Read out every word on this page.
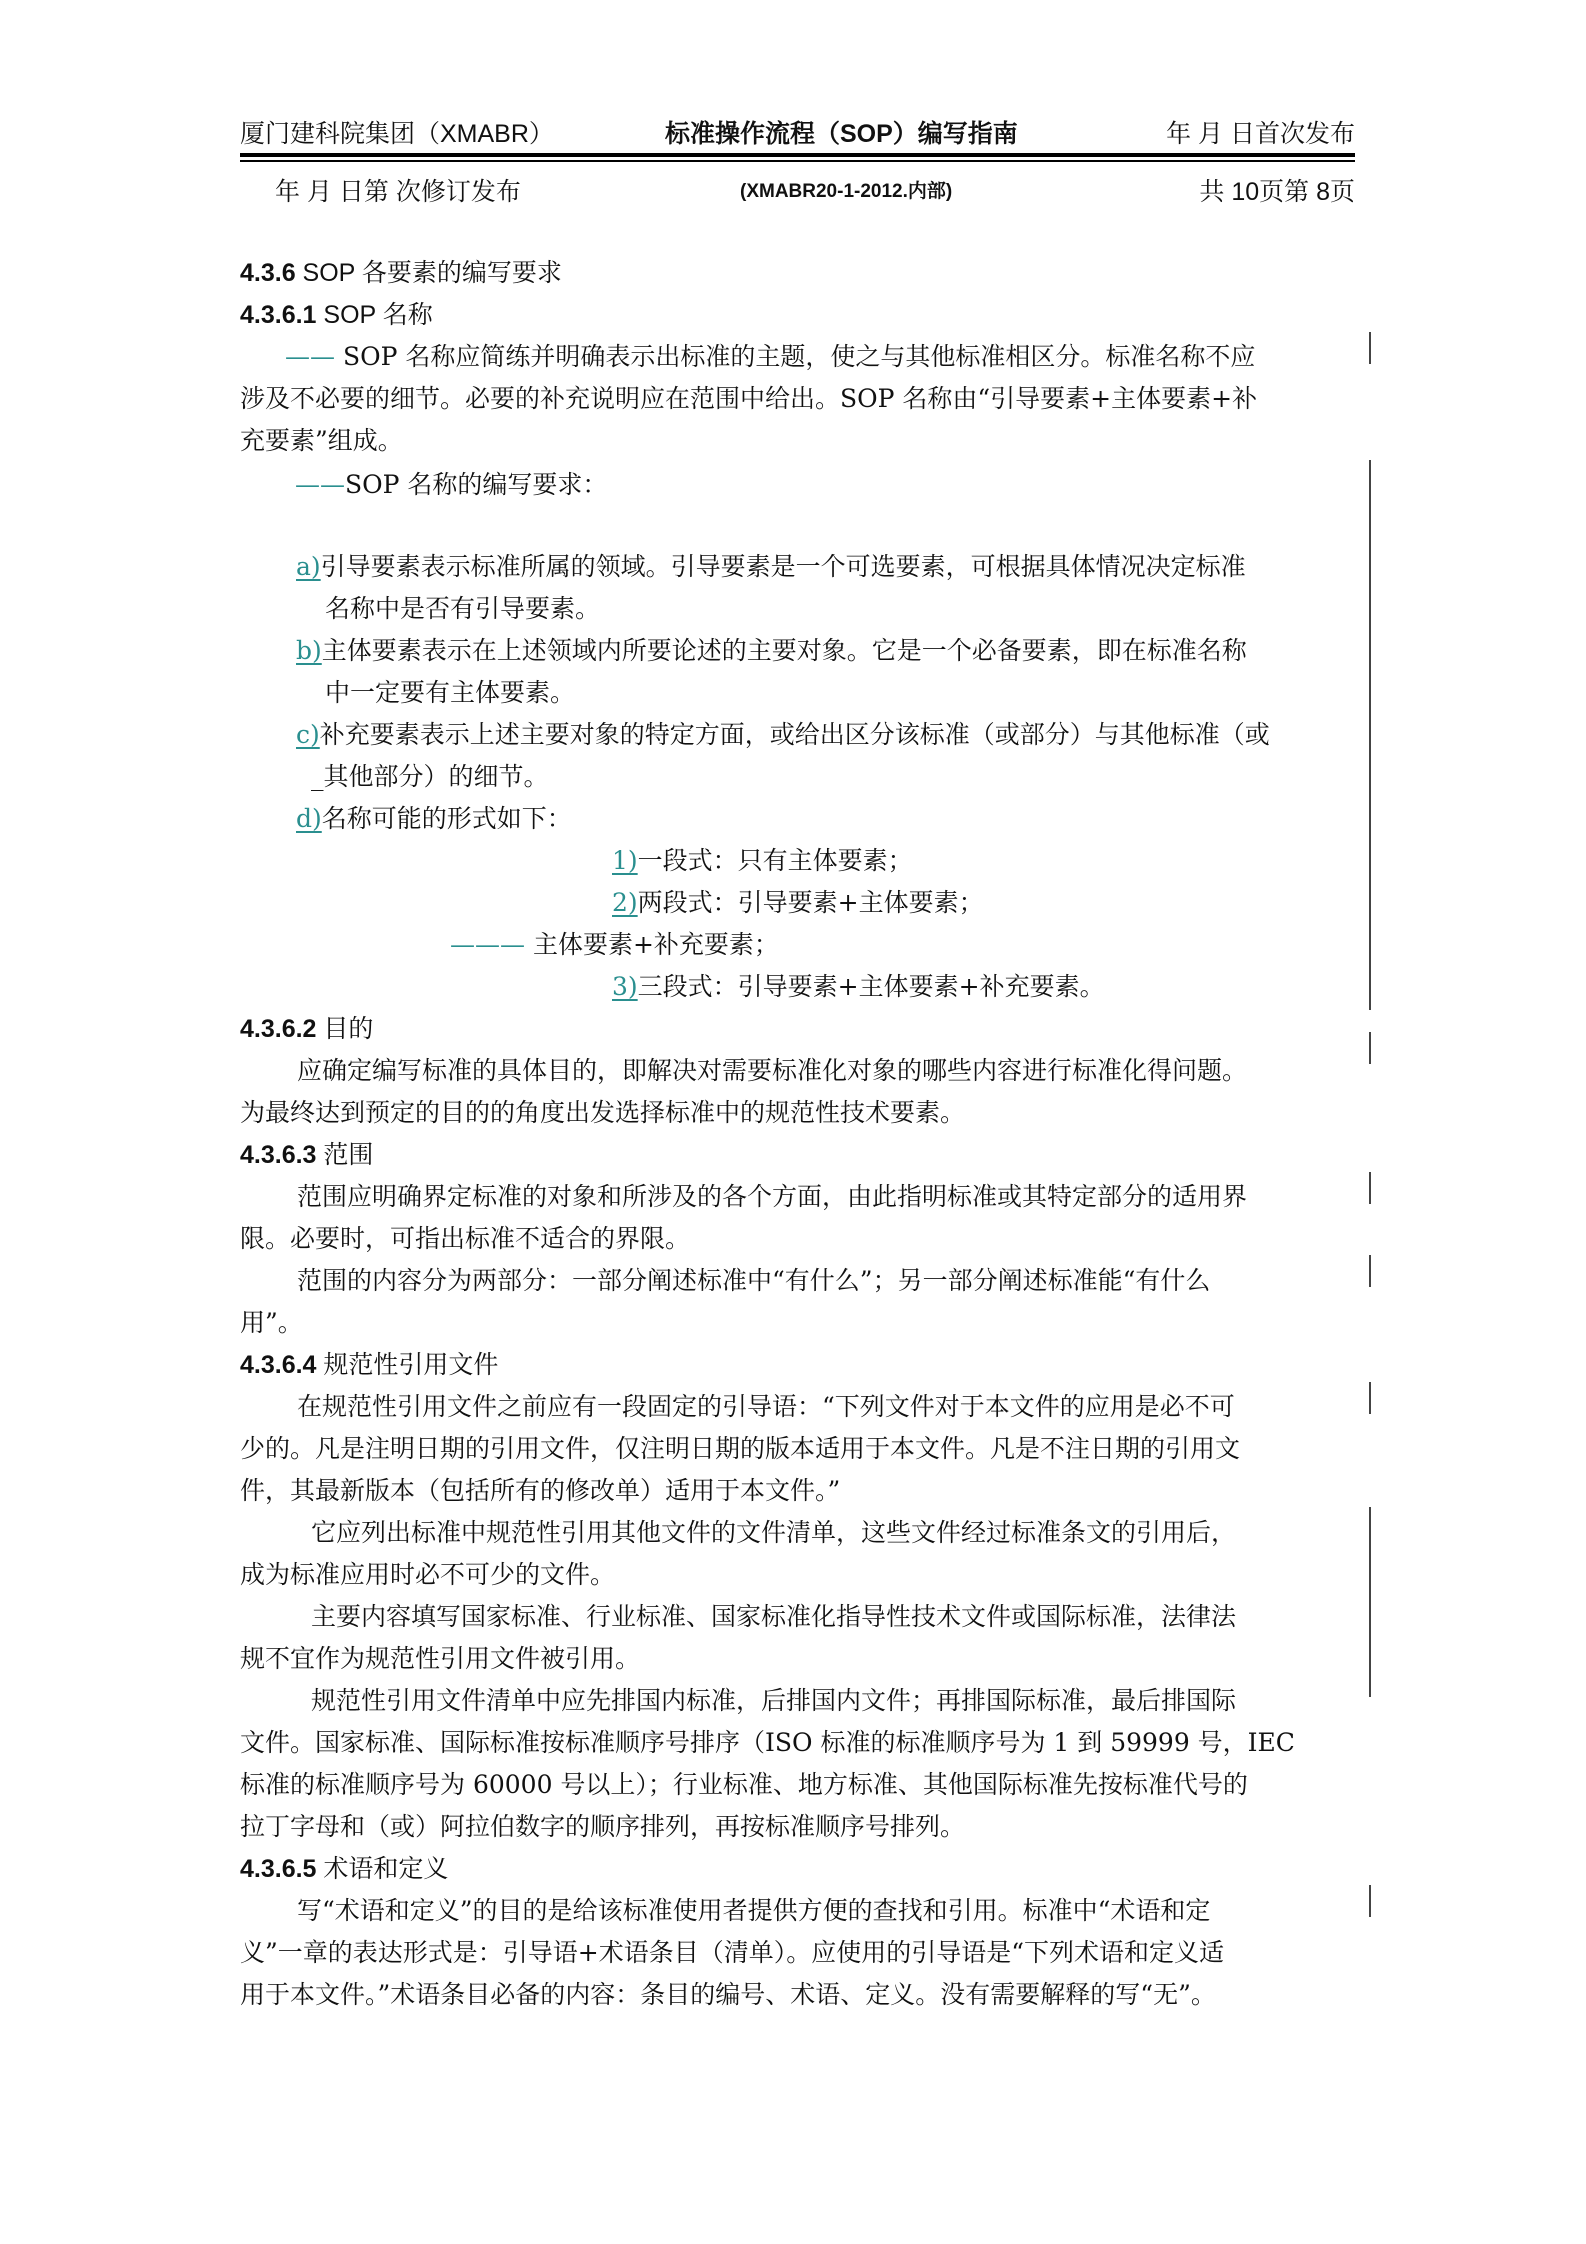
厦门建科院集团（XMABR）	标准操作流程（SOP）编写指南	年 月 日首次发布
年 月 日第 次修订发布	(XMABR20-1-2012.内部)	共 10页第 8页
4.3.6 SOP 各要素的编写要求
4.3.6.1 SOP 名称
—— SOP 名称应简练并明确表示出标准的主题，使之与其他标准相区分。标准名称不应
涉及不必要的细节。必要的补充说明应在范围中给出。SOP 名称由“引导要素+主体要素+补
充要素”组成。
——SOP 名称的编写要求：
a)引导要素表示标准所属的领域。引导要素是一个可选要素，可根据具体情况决定标准
名称中是否有引导要素。
b)主体要素表示在上述领域内所要论述的主要对象。它是一个必备要素，即在标准名称
中一定要有主体要素。
c)补充要素表示上述主要对象的特定方面，或给出区分该标准（或部分）与其他标准（或
_其他部分）的细节。
d)名称可能的形式如下：
1)一段式：只有主体要素；
2)两段式：引导要素+主体要素；
——— 主体要素+补充要素；
3)三段式：引导要素+主体要素+补充要素。
4.3.6.2 目的
应确定编写标准的具体目的，即解决对需要标准化对象的哪些内容进行标准化得问题。
为最终达到预定的目的的角度出发选择标准中的规范性技术要素。
4.3.6.3 范围
范围应明确界定标准的对象和所涉及的各个方面，由此指明标准或其特定部分的适用界
限。必要时，可指出标准不适合的界限。
范围的内容分为两部分：一部分阐述标准中“有什么”；另一部分阐述标准能“有什么
用”。
4.3.6.4 规范性引用文件
在规范性引用文件之前应有一段固定的引导语：“下列文件对于本文件的应用是必不可
少的。凡是注明日期的引用文件，仅注明日期的版本适用于本文件。凡是不注日期的引用文
件，其最新版本（包括所有的修改单）适用于本文件。”
它应列出标准中规范性引用其他文件的文件清单，这些文件经过标准条文的引用后，
成为标准应用时必不可少的文件。
主要内容填写国家标准、行业标准、国家标准化指导性技术文件或国际标准，法律法
规不宜作为规范性引用文件被引用。
规范性引用文件清单中应先排国内标准，后排国内文件；再排国际标准，最后排国际
文件。国家标准、国际标准按标准顺序号排序（ISO 标准的标准顺序号为 1 到 59999 号，IEC
标准的标准顺序号为 60000 号以上）；行业标准、地方标准、其他国际标准先按标准代号的
拉丁字母和（或）阿拉伯数字的顺序排列，再按标准顺序号排列。
4.3.6.5 术语和定义
写“术语和定义”的目的是给该标准使用者提供方便的查找和引用。标准中“术语和定
义”一章的表达形式是：引导语+术语条目（清单）。应使用的引导语是“下列术语和定义适
用于本文件。”术语条目必备的内容：条目的编号、术语、定义。没有需要解释的写“无”。
